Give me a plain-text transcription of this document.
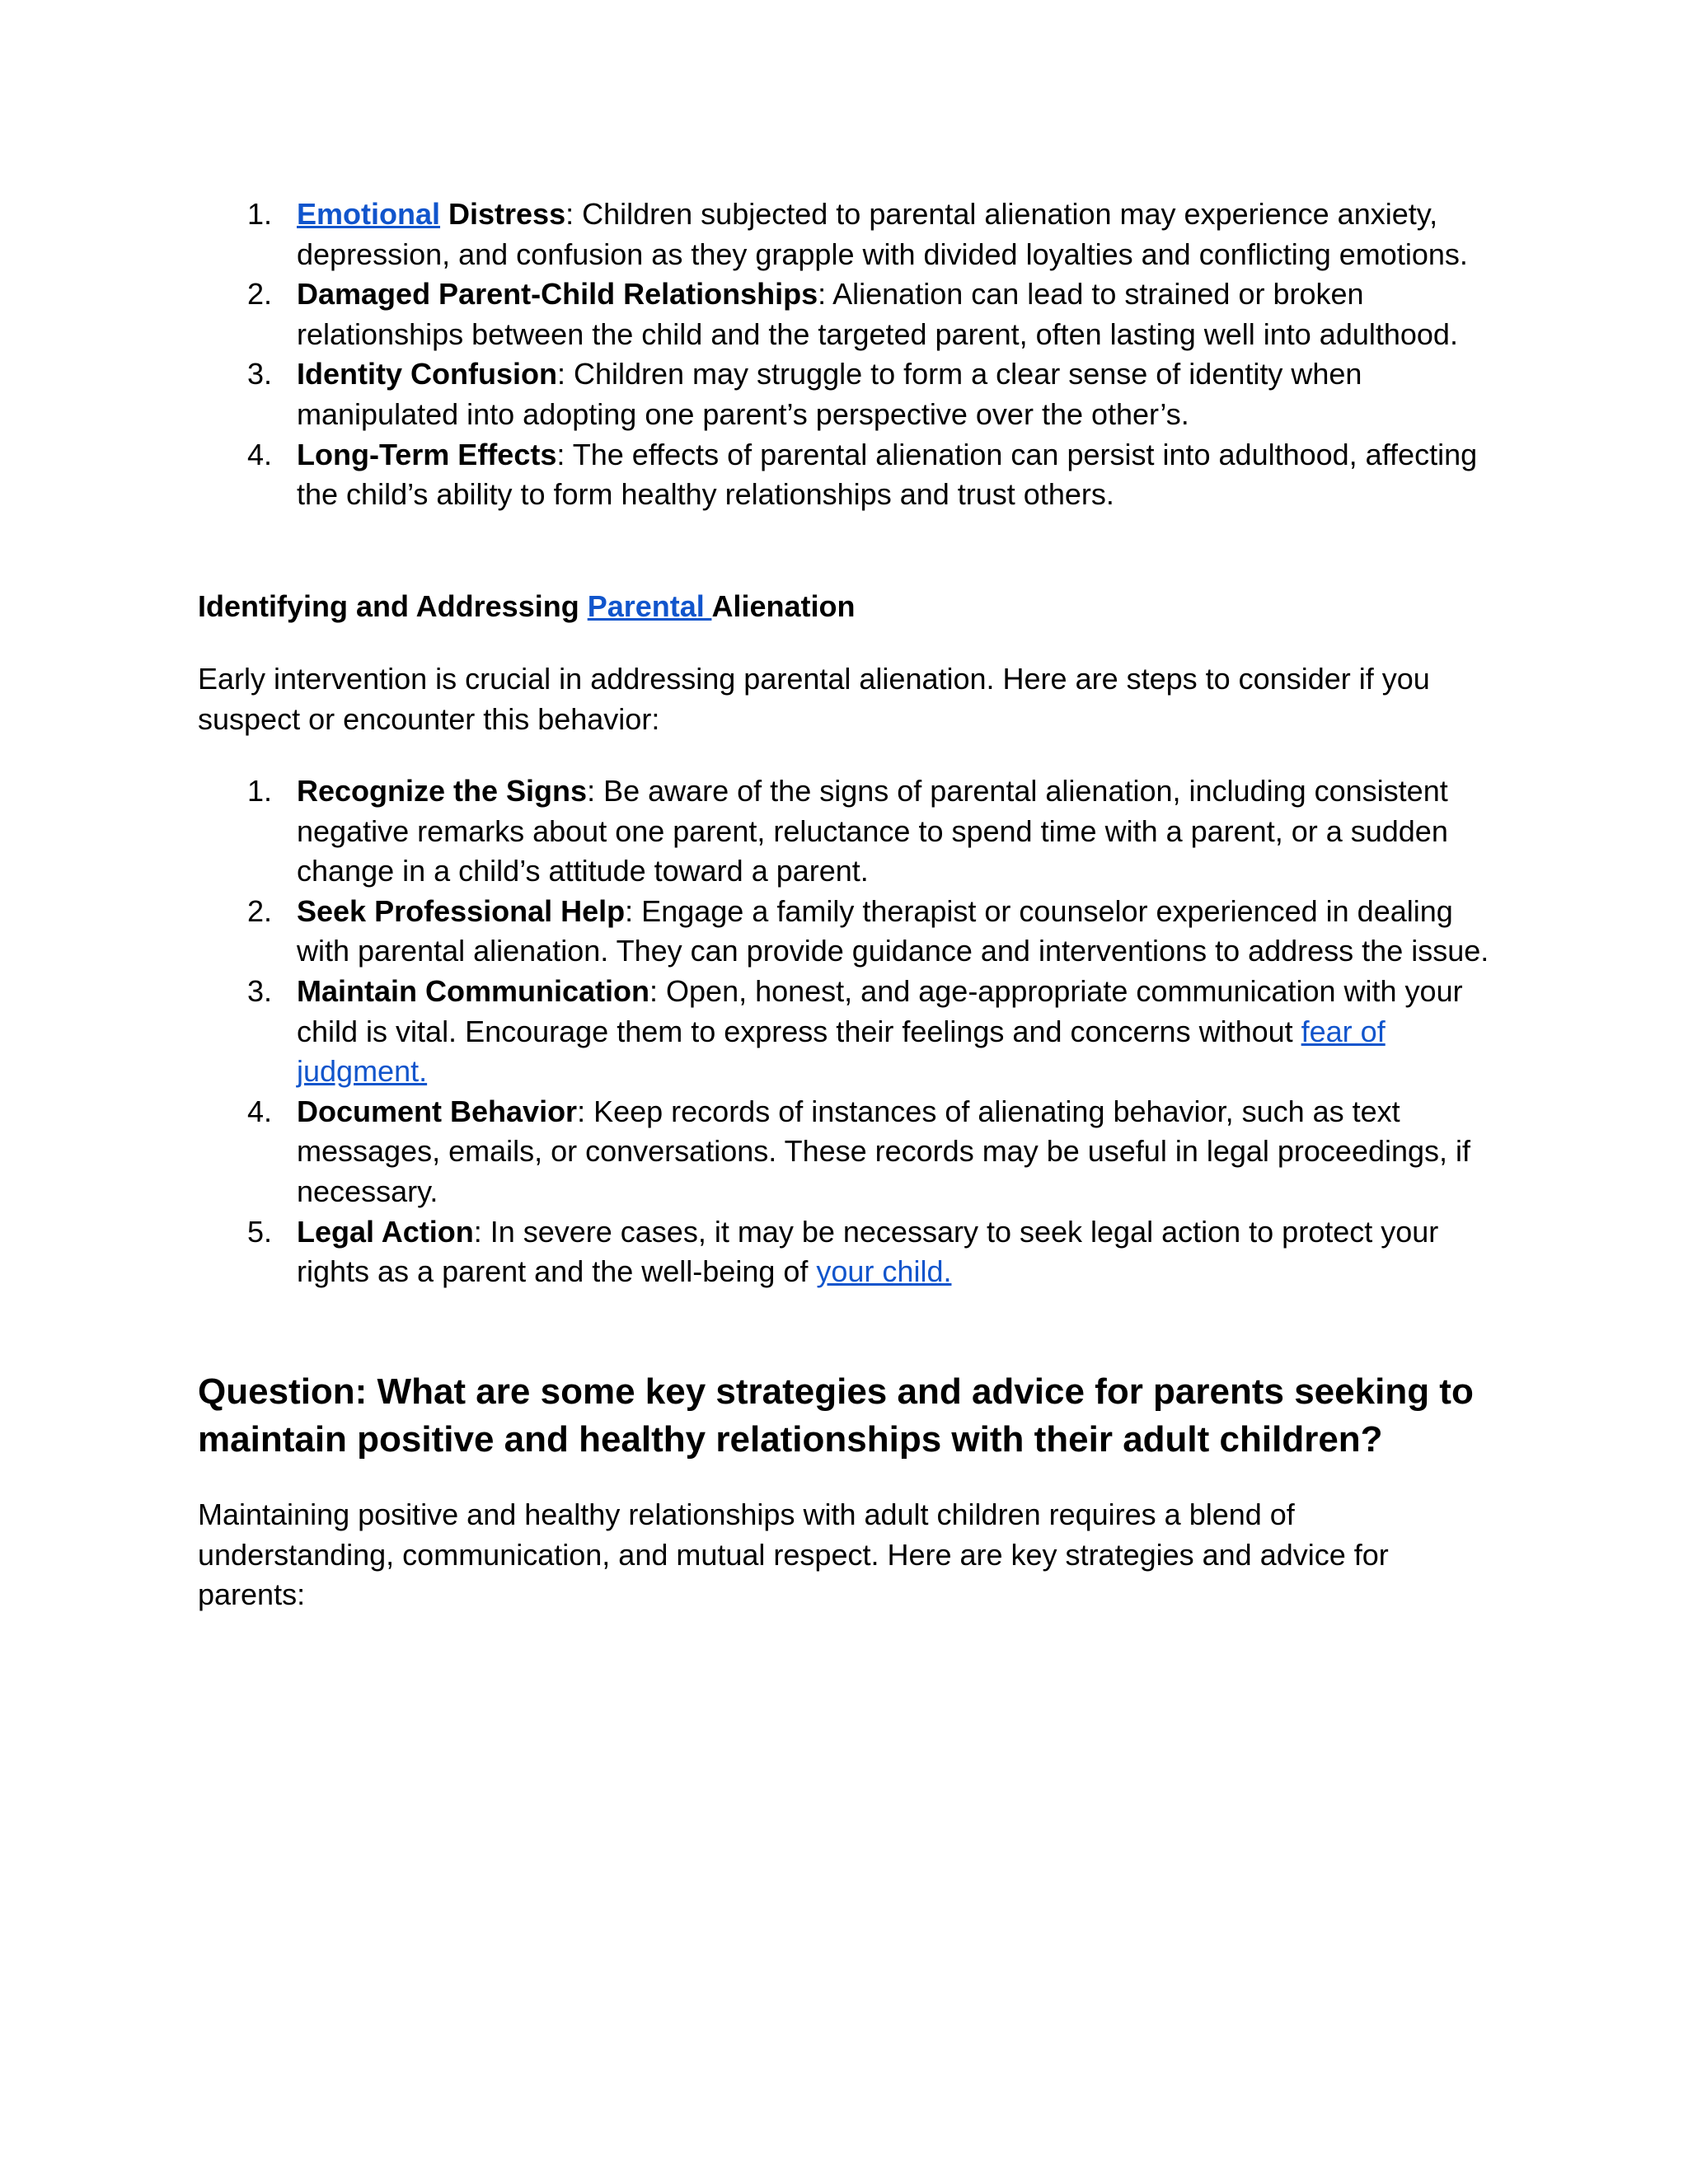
1. Emotional Distress: Children subjected to parental alienation may experience anxiety, depression, and confusion as they grapple with divided loyalties and conflicting emotions.
2. Damaged Parent-Child Relationships: Alienation can lead to strained or broken relationships between the child and the targeted parent, often lasting well into adulthood.
3. Identity Confusion: Children may struggle to form a clear sense of identity when manipulated into adopting one parent’s perspective over the other’s.
4. Long-Term Effects: The effects of parental alienation can persist into adulthood, affecting the child’s ability to form healthy relationships and trust others.
Identifying and Addressing Parental Alienation

Early intervention is crucial in addressing parental alienation. Here are steps to consider if you suspect or encounter this behavior:

1. Recognize the Signs: Be aware of the signs of parental alienation, including consistent negative remarks about one parent, reluctance to spend time with a parent, or a sudden change in a child’s attitude toward a parent.
2. Seek Professional Help: Engage a family therapist or counselor experienced in dealing with parental alienation. They can provide guidance and interventions to address the issue.
3. Maintain Communication: Open, honest, and age-appropriate communication with your child is vital. Encourage them to express their feelings and concerns without fear of judgment.
4. Document Behavior: Keep records of instances of alienating behavior, such as text messages, emails, or conversations. These records may be useful in legal proceedings, if necessary.
5. Legal Action: In severe cases, it may be necessary to seek legal action to protect your rights as a parent and the well-being of your child.
Question: What are some key strategies and advice for parents seeking to maintain positive and healthy relationships with their adult children?

Maintaining positive and healthy relationships with adult children requires a blend of understanding, communication, and mutual respect. Here are key strategies and advice for parents:
